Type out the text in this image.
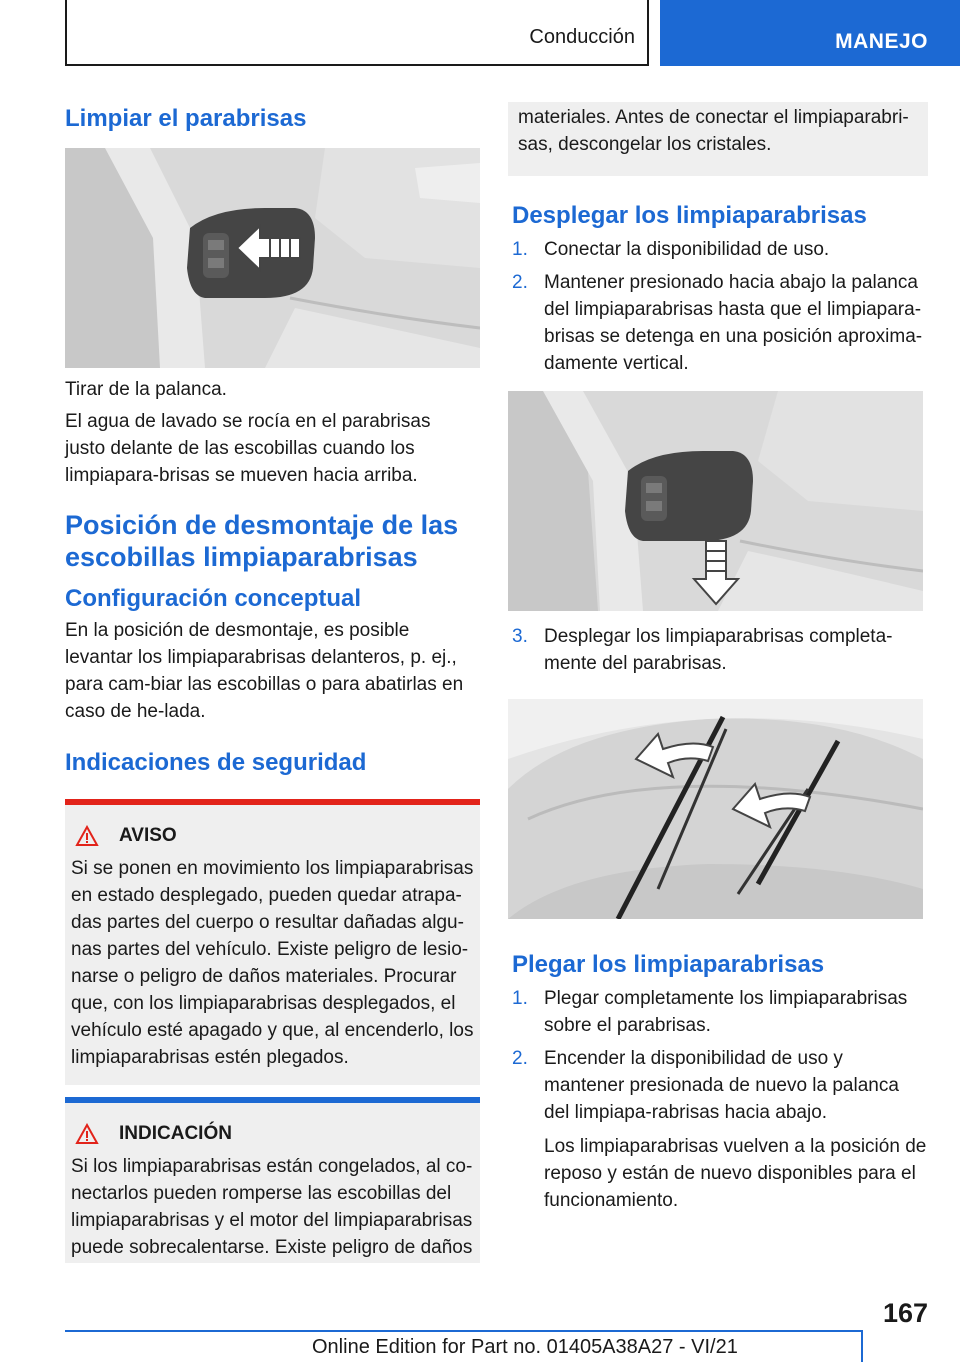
Conducción	MANEJO
Limpiar el parabrisas

Tirar de la palanca.

El agua de lavado se rocía en el parabrisas justo delante de las escobillas cuando los limpiapara‐brisas se mueven hacia arriba.

Posición de desmontaje de las escobillas limpiaparabrisas
Configuración conceptual

En la posición de desmontaje, es posible levantar los limpiaparabrisas delanteros, p. ej., para cam‐biar las escobillas o para abatirlas en caso de he‐lada.

Indicaciones de seguridad
AVISO
Si se ponen en movimiento los limpiaparabrisas en estado desplegado, pueden quedar atrapa‐das partes del cuerpo o resultar dañadas algu‐nas partes del vehículo. Existe peligro de lesio‐narse o peligro de daños materiales. Procurar que, con los limpiaparabrisas desplegados, el vehículo esté apagado y que, al encenderlo, los limpiaparabrisas estén plegados.
INDICACIÓN
Si los limpiaparabrisas están congelados, al co‐nectarlos pueden romperse las escobillas del limpiaparabrisas y el motor del limpiaparabrisas puede sobrecalentarse. Existe peligro de daños
materiales. Antes de conectar el limpiaparabri‐sas, descongelar los cristales.
Desplegar los limpiaparabrisas
1. Conectar la disponibilidad de uso.
2. Mantener presionado hacia abajo la palanca del limpiaparabrisas hasta que el limpiapara‐brisas se detenga en una posición aproxima‐damente vertical.
3. Desplegar los limpiaparabrisas completa‐mente del parabrisas.
Plegar los limpiaparabrisas
1. Plegar completamente los limpiaparabrisas sobre el parabrisas.
2. Encender la disponibilidad de uso y mantener presionada de nuevo la palanca del limpiapa‐rabrisas hacia abajo.

Los limpiaparabrisas vuelven a la posición de reposo y están de nuevo disponibles para el funcionamiento.

167
Online Edition for Part no. 01405A38A27 - VI/21
